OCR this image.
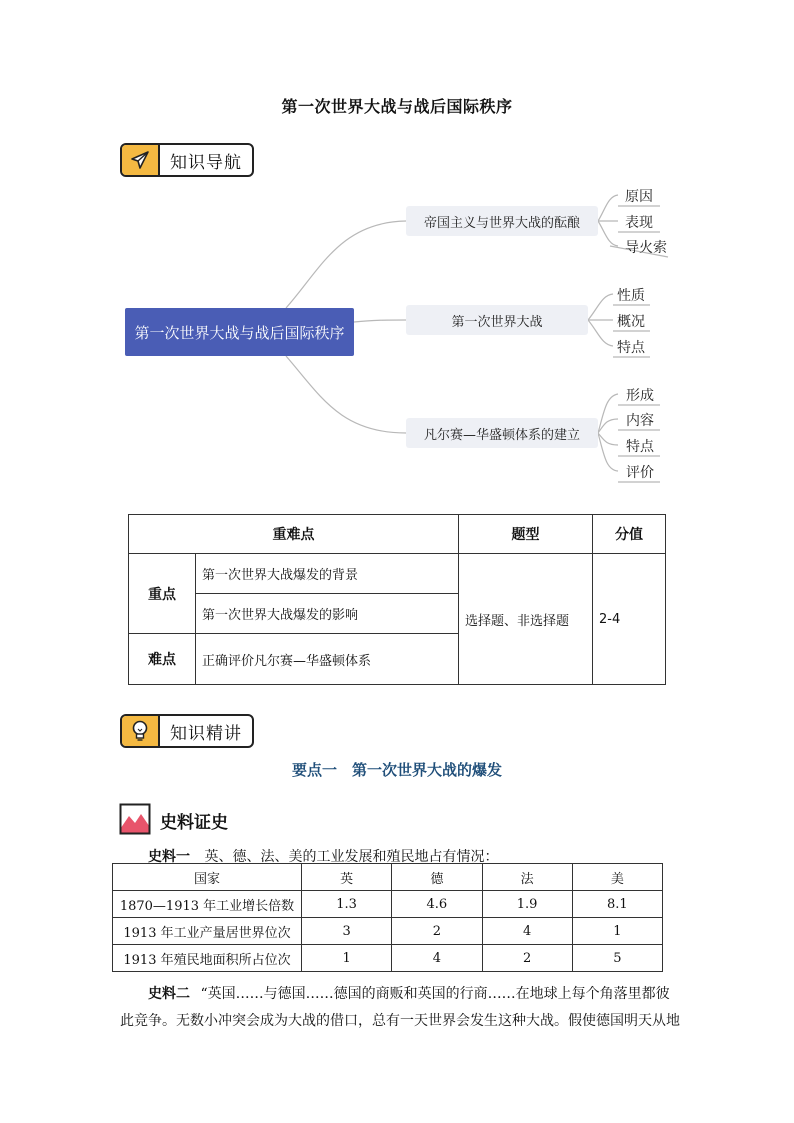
第一次世界大战与战后国际秩序
知识导航
第一次世界大战与战后国际秩序
帝国主义与世界大战的酝酿
第一次世界大战
凡尔赛—华盛顿体系的建立
原因
表现
导火索
性质
概况
特点
形成
内容
特点
评价
重难点		题型	分值
重点	第一次世界大战爆发的背景	选择题、非选择题	2-4
	第一次世界大战爆发的影响		
难点	正确评价凡尔赛—华盛顿体系		
知识精讲
要点一　第一次世界大战的爆发
史料证史
史料一 英、德、法、美的工业发展和殖民地占有情况：
国家	英	德	法	美
1870—1913 年工业增长倍数	1.3	4.6	1.9	8.1
1913 年工业产量居世界位次	3	2	4	1
1913 年殖民地面积所占位次	1	4	2	5
史料二 “英国……与德国……德国的商贩和英国的行商……在地球上每个角落里都彼
此竞争。无数小冲突会成为大战的借口，总有一天世界会发生这种大战。假使德国明天从地
